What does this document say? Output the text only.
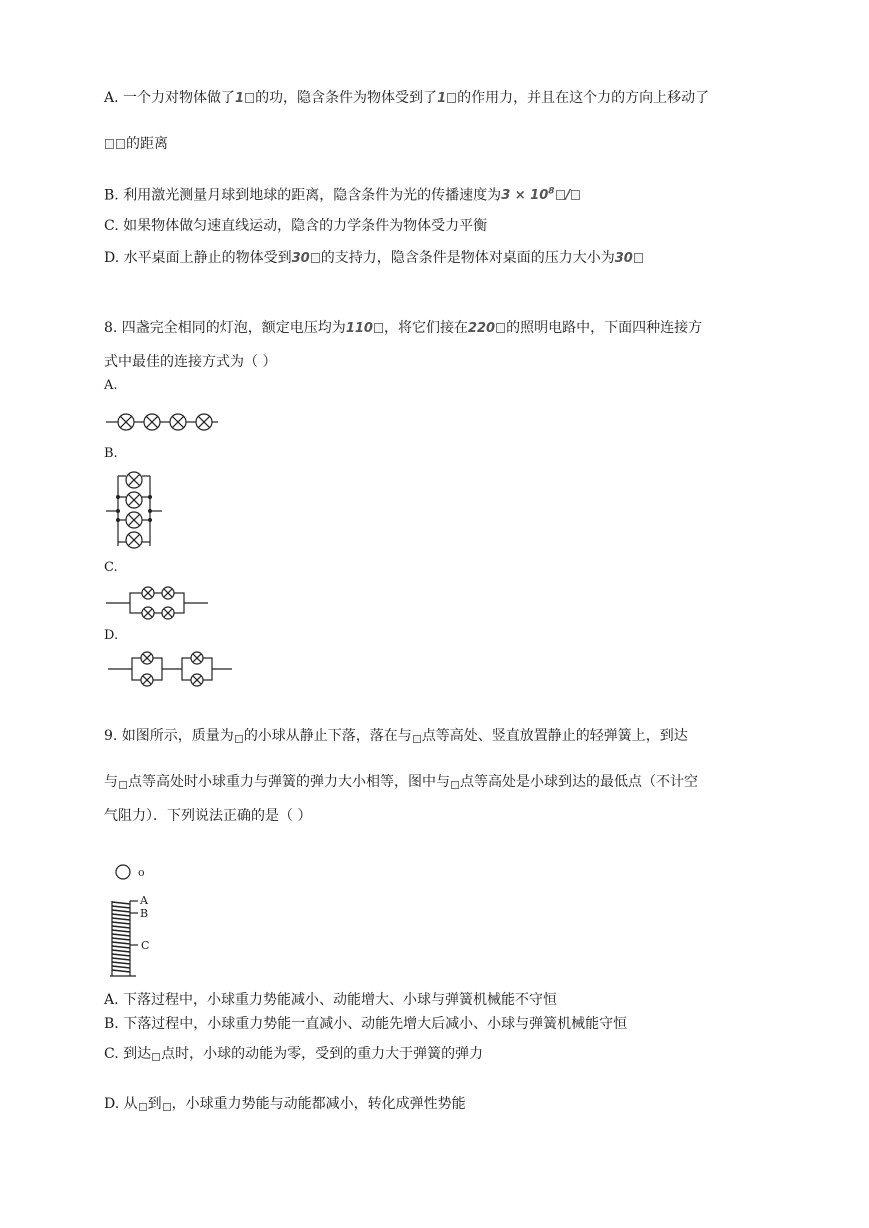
A. 一个力对物体做了1 的功，隐含条件为物体受到了1 的作用力，并且在这个力的方向上移动了
的距离
B. 利用激光测量月球到地球的距离，隐含条件为光的传播速度为$3 \times 10^8$ /
C. 如果物体做匀速直线运动，隐含的力学条件为物体受力平衡
D. 水平桌面上静止的物体受到30 的支持力，隐含条件是物体对桌面的压力大小为30
8. 四盏完全相同的灯泡，额定电压均为110 ，将它们接在220 的照明电路中，下面四种连接方
式中最佳的连接方式为（ ）
A.
B.
C.
D.
9. 如图所示，质量为 的小球从静止下落，落在与 点等高处、竖直放置静止的轻弹簧上，到达
与 点等高处时小球重力与弹簧的弹力大小相等，图中与 点等高处是小球到达的最低点（不计空
气阻力）．下列说法正确的是（ ）
o
A
B
C
A. 下落过程中，小球重力势能减小、动能增大、小球与弹簧机械能不守恒
B. 下落过程中，小球重力势能一直减小、动能先增大后减小、小球与弹簧机械能守恒
C. 到达 点时，小球的动能为零，受到的重力大于弹簧的弹力
D. 从 到 ，小球重力势能与动能都减小，转化成弹性势能
